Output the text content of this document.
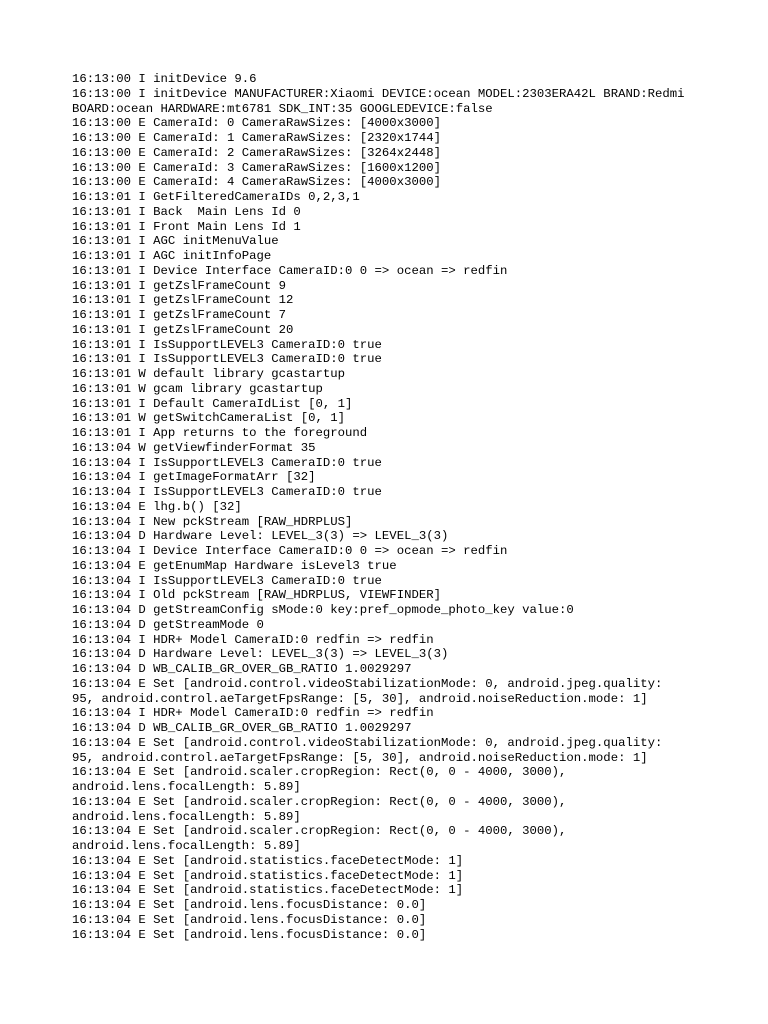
16:13:00 I initDevice 9.6
16:13:00 I initDevice MANUFACTURER:Xiaomi DEVICE:ocean MODEL:2303ERA42L BRAND:Redmi
BOARD:ocean HARDWARE:mt6781 SDK_INT:35 GOOGLEDEVICE:false
16:13:00 E CameraId: 0 CameraRawSizes: [4000x3000]
16:13:00 E CameraId: 1 CameraRawSizes: [2320x1744]
16:13:00 E CameraId: 2 CameraRawSizes: [3264x2448]
16:13:00 E CameraId: 3 CameraRawSizes: [1600x1200]
16:13:00 E CameraId: 4 CameraRawSizes: [4000x3000]
16:13:01 I GetFilteredCameraIDs 0,2,3,1
16:13:01 I Back  Main Lens Id 0
16:13:01 I Front Main Lens Id 1
16:13:01 I AGC initMenuValue
16:13:01 I AGC initInfoPage
16:13:01 I Device Interface CameraID:0 0 => ocean => redfin
16:13:01 I getZslFrameCount 9
16:13:01 I getZslFrameCount 12
16:13:01 I getZslFrameCount 7
16:13:01 I getZslFrameCount 20
16:13:01 I IsSupportLEVEL3 CameraID:0 true
16:13:01 I IsSupportLEVEL3 CameraID:0 true
16:13:01 W default library gcastartup
16:13:01 W gcam library gcastartup
16:13:01 I Default CameraIdList [0, 1]
16:13:01 W getSwitchCameraList [0, 1]
16:13:01 I App returns to the foreground
16:13:04 W getViewfinderFormat 35
16:13:04 I IsSupportLEVEL3 CameraID:0 true
16:13:04 I getImageFormatArr [32]
16:13:04 I IsSupportLEVEL3 CameraID:0 true
16:13:04 E lhg.b() [32]
16:13:04 I New pckStream [RAW_HDRPLUS]
16:13:04 D Hardware Level: LEVEL_3(3) => LEVEL_3(3)
16:13:04 I Device Interface CameraID:0 0 => ocean => redfin
16:13:04 E getEnumMap Hardware isLevel3 true
16:13:04 I IsSupportLEVEL3 CameraID:0 true
16:13:04 I Old pckStream [RAW_HDRPLUS, VIEWFINDER]
16:13:04 D getStreamConfig sMode:0 key:pref_opmode_photo_key value:0
16:13:04 D getStreamMode 0
16:13:04 I HDR+ Model CameraID:0 redfin => redfin
16:13:04 D Hardware Level: LEVEL_3(3) => LEVEL_3(3)
16:13:04 D WB_CALIB_GR_OVER_GB_RATIO 1.0029297
16:13:04 E Set [android.control.videoStabilizationMode: 0, android.jpeg.quality:
95, android.control.aeTargetFpsRange: [5, 30], android.noiseReduction.mode: 1]
16:13:04 I HDR+ Model CameraID:0 redfin => redfin
16:13:04 D WB_CALIB_GR_OVER_GB_RATIO 1.0029297
16:13:04 E Set [android.control.videoStabilizationMode: 0, android.jpeg.quality:
95, android.control.aeTargetFpsRange: [5, 30], android.noiseReduction.mode: 1]
16:13:04 E Set [android.scaler.cropRegion: Rect(0, 0 - 4000, 3000),
android.lens.focalLength: 5.89]
16:13:04 E Set [android.scaler.cropRegion: Rect(0, 0 - 4000, 3000),
android.lens.focalLength: 5.89]
16:13:04 E Set [android.scaler.cropRegion: Rect(0, 0 - 4000, 3000),
android.lens.focalLength: 5.89]
16:13:04 E Set [android.statistics.faceDetectMode: 1]
16:13:04 E Set [android.statistics.faceDetectMode: 1]
16:13:04 E Set [android.statistics.faceDetectMode: 1]
16:13:04 E Set [android.lens.focusDistance: 0.0]
16:13:04 E Set [android.lens.focusDistance: 0.0]
16:13:04 E Set [android.lens.focusDistance: 0.0]
